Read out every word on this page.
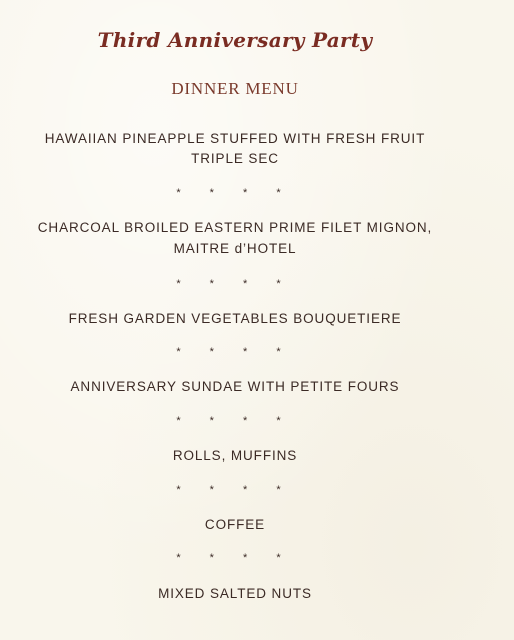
Third Anniversary Party
DINNER MENU
HAWAIIAN PINEAPPLE STUFFED WITH FRESH FRUIT
TRIPLE SEC
* * * *
CHARCOAL BROILED EASTERN PRIME FILET MIGNON,
MAITRE d’HOTEL
* * * *
FRESH GARDEN VEGETABLES BOUQUETIERE
* * * *
ANNIVERSARY SUNDAE WITH PETITE FOURS
* * * *
ROLLS, MUFFINS
* * * *
COFFEE
* * * *
MIXED SALTED NUTS
